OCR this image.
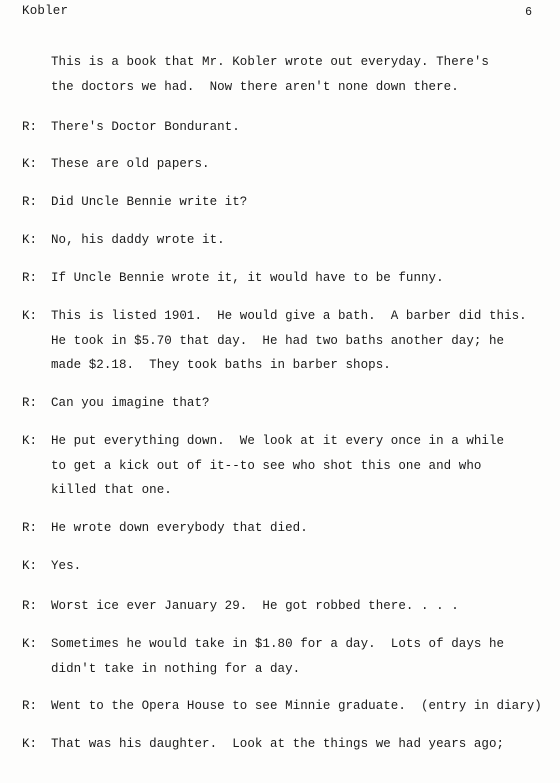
Kobler	6
This is a book that Mr. Kobler wrote out everyday. There's
the doctors we had.  Now there aren't none down there.
R: There's Doctor Bondurant.
K: These are old papers.
R: Did Uncle Bennie write it?
K: No, his daddy wrote it.
R: If Uncle Bennie wrote it, it would have to be funny.
K: This is listed 1901.  He would give a bath.  A barber did this.
He took in $5.70 that day.  He had two baths another day; he
made $2.18.  They took baths in barber shops.
R: Can you imagine that?
K: He put everything down.  We look at it every once in a while
to get a kick out of it--to see who shot this one and who
killed that one.
R: He wrote down everybody that died.
K: Yes.
R: Worst ice ever January 29.  He got robbed there. . . .
K: Sometimes he would take in $1.80 for a day.  Lots of days he
didn't take in nothing for a day.
R: Went to the Opera House to see Minnie graduate.  (entry in diary)
K: That was his daughter.  Look at the things we had years ago;
